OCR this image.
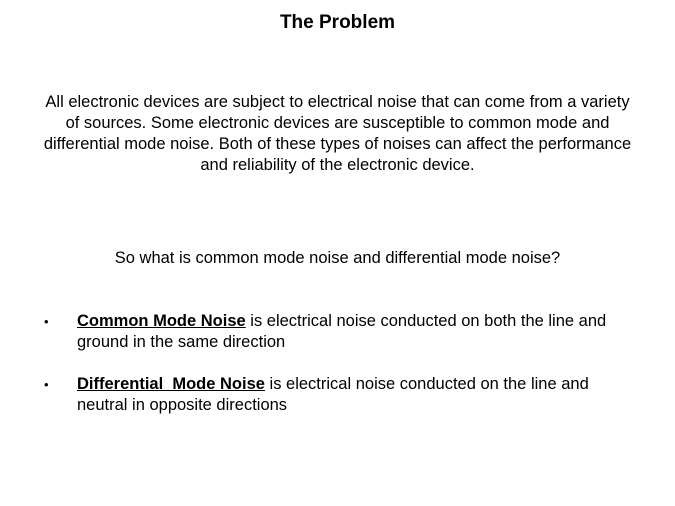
The Problem
All electronic devices are subject to electrical noise that can come from a variety of sources. Some electronic devices are susceptible to common mode and differential mode noise. Both of these types of noises can affect the performance and reliability of the electronic device.
So what is common mode noise and differential mode noise?
• Common Mode Noise is electrical noise conducted on both the line and ground in the same direction
• Differential  Mode Noise is electrical noise conducted on the line and neutral in opposite directions
